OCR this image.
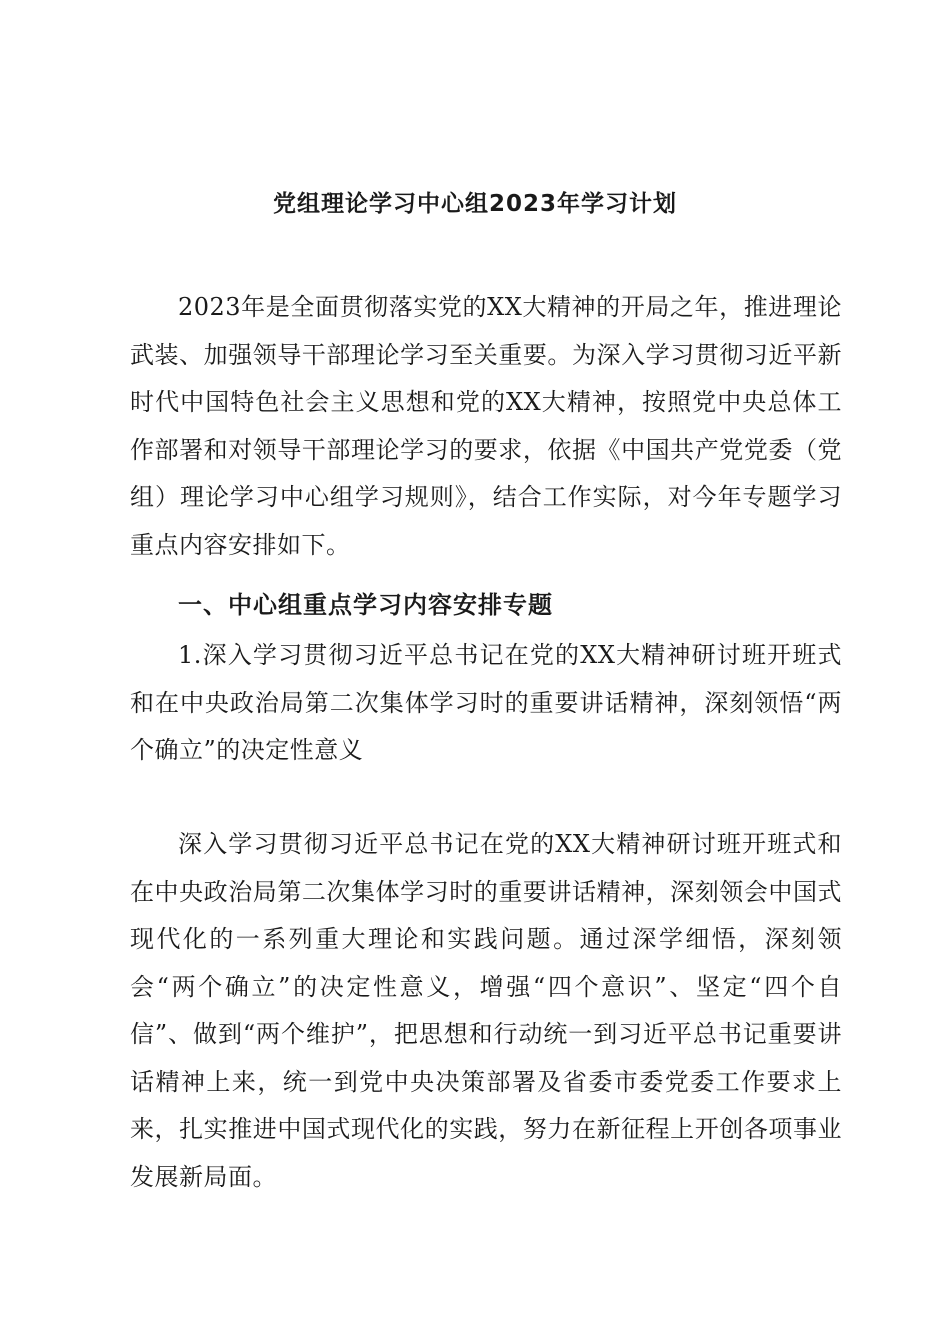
党组理论学习中心组2023年学习计划

2023年是全面贯彻落实党的XX大精神的开局之年，推进理论武装、加强领导干部理论学习至关重要。为深入学习贯彻习近平新时代中国特色社会主义思想和党的XX大精神，按照党中央总体工作部署和对领导干部理论学习的要求，依据《中国共产党党委（党组）理论学习中心组学习规则》，结合工作实际，对今年专题学习重点内容安排如下。

一、中心组重点学习内容安排专题

1.深入学习贯彻习近平总书记在党的XX大精神研讨班开班式和在中央政治局第二次集体学习时的重要讲话精神，深刻领悟“两个确立”的决定性意义

深入学习贯彻习近平总书记在党的XX大精神研讨班开班式和在中央政治局第二次集体学习时的重要讲话精神，深刻领会中国式现代化的一系列重大理论和实践问题。通过深学细悟，深刻领会“两个确立”的决定性意义，增强“四个意识”、坚定“四个自信”、做到“两个维护”，把思想和行动统一到习近平总书记重要讲话精神上来，统一到党中央决策部署及省委市委党委工作要求上来，扎实推进中国式现代化的实践，努力在新征程上开创各项事业发展新局面。
